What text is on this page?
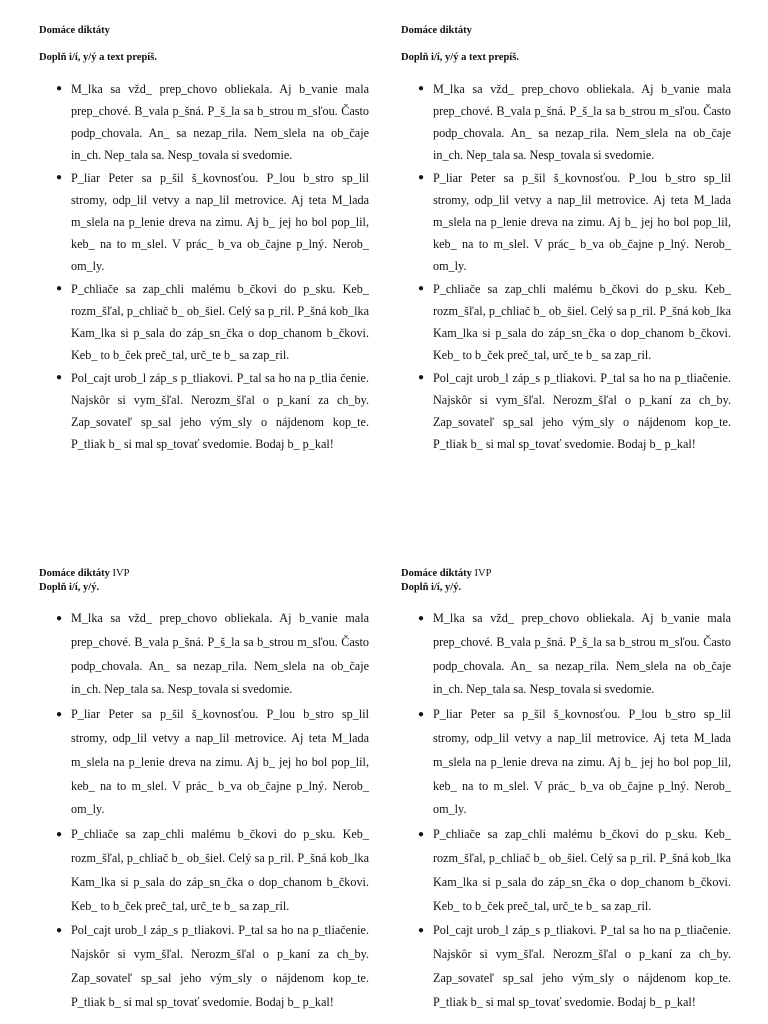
Domáce diktáty
Doplň i/í, y/ý a text prepíš.
● M_lka sa vžd_ prep_chovo obliekala. Aj b_vanie mala prep_chové. B_vala p_šná. P_š_la sa b_strou m_sľou. Často podp_chovala. An_ sa nezap_rila. Nem_slela na ob_čaje in_ch. Nep_tala sa. Nesp_tovala si svedomie.
● P_liar Peter sa p_šil š_kovnosťou. P_lou b_stro sp_lil stromy, odp_lil vetvy a nap_lil metrovice. Aj teta M_lada m_slela na p_lenie dreva na zimu. Aj b_ jej ho bol pop_lil, keb_ na to m_slel. V prác_ b_va ob_čajne p_lný. Nerob_ om_ly.
● P_chliače sa zap_chli malému b_čkovi do p_sku. Keb_ rozm_šľal, p_chliač b_ ob_šiel. Celý sa p_ril. P_šná kob_lka Kam_lka si p_sala do záp_sn_čka o dop_chanom b_čkovi. Keb_ to b_ček preč_tal, urč_te b_ sa zap_ril.
● Pol_cajt urob_l záp_s p_tliakovi. P_tal sa ho na p_tlia čenie. Najskôr si vym_šľal. Nerozm_šľal o p_kaní za ch_by. Zap_sovateľ sp_sal jeho vým_sly o nájdenom kop_te. P_tliak b_ si mal sp_tovať svedomie. Bodaj b_ p_kal!
Domáce diktáty
Doplň i/í, y/ý a text prepíš.
● M_lka sa vžd_ prep_chovo obliekala. Aj b_vanie mala prep_chové. B_vala p_šná. P_š_la sa b_strou m_sľou. Často podp_chovala. An_ sa nezap_rila. Nem_slela na ob_čaje in_ch. Nep_tala sa. Nesp_tovala si svedomie.
● P_liar Peter sa p_šil š_kovnosťou. P_lou b_stro sp_lil stromy, odp_lil vetvy a nap_lil metrovice. Aj teta M_lada m_slela na p_lenie dreva na zimu. Aj b_ jej ho bol pop_lil, keb_ na to m_slel. V prác_ b_va ob_čajne p_lný. Nerob_ om_ly.
● P_chliače sa zap_chli malému b_čkovi do p_sku. Keb_ rozm_šľal, p_chliač b_ ob_šiel. Celý sa p_ril. P_šná kob_lka Kam_lka si p_sala do záp_sn_čka o dop_chanom b_čkovi. Keb_ to b_ček preč_tal, urč_te b_ sa zap_ril.
● Pol_cajt urob_l záp_s p_tliakovi. P_tal sa ho na p_tliačenie. Najskôr si vym_šľal. Nerozm_šľal o p_kaní za ch_by. Zap_sovateľ sp_sal jeho vým_sly o nájdenom kop_te. P_tliak b_ si mal sp_tovať svedomie. Bodaj b_ p_kal!
Domáce diktáty IVP
Doplň i/í, y/ý.
● M_lka sa vžd_ prep_chovo obliekala. Aj b_vanie mala prep_chové. B_vala p_šná. P_š_la sa b_strou m_sľou. Často podp_chovala. An_ sa nezap_rila. Nem_slela na ob_čaje in_ch. Nep_tala sa. Nesp_tovala si svedomie.
● P_liar Peter sa p_šil š_kovnosťou. P_lou b_stro sp_lil stromy, odp_lil vetvy a nap_lil metrovice. Aj teta M_lada m_slela na p_lenie dreva na zimu. Aj b_ jej ho bol pop_lil, keb_ na to m_slel. V prác_ b_va ob_čajne p_lný. Nerob_ om_ly.
● P_chliače sa zap_chli malému b_čkovi do p_sku. Keb_ rozm_šľal, p_chliač b_ ob_šiel. Celý sa p_ril. P_šná kob_lka Kam_lka si p_sala do záp_sn_čka o dop_chanom b_čkovi. Keb_ to b_ček preč_tal, urč_te b_ sa zap_ril.
● Pol_cajt urob_l záp_s p_tliakovi. P_tal sa ho na p_tliačenie. Najskôr si vym_šľal. Nerozm_šľal o p_kaní za ch_by. Zap_sovateľ sp_sal jeho vým_sly o nájdenom kop_te. P_tliak b_ si mal sp_tovať svedomie. Bodaj b_ p_kal!
Domáce diktáty IVP
Doplň i/í, y/ý.
● M_lka sa vžd_ prep_chovo obliekala. Aj b_vanie mala prep_chové. B_vala p_šná. P_š_la sa b_strou m_sľou. Často podp_chovala. An_ sa nezap_rila. Nem_slela na ob_čaje in_ch. Nep_tala sa. Nesp_tovala si svedomie.
● P_liar Peter sa p_šil š_kovnosťou. P_lou b_stro sp_lil stromy, odp_lil vetvy a nap_lil metrovice. Aj teta M_lada m_slela na p_lenie dreva na zimu. Aj b_ jej ho bol pop_lil, keb_ na to m_slel. V prác_ b_va ob_čajne p_lný. Nerob_ om_ly.
● P_chliače sa zap_chli malému b_čkovi do p_sku. Keb_ rozm_šľal, p_chliač b_ ob_šiel. Celý sa p_ril. P_šná kob_lka Kam_lka si p_sala do záp_sn_čka o dop_chanom b_čkovi. Keb_ to b_ček preč_tal, urč_te b_ sa zap_ril.
● Pol_cajt urob_l záp_s p_tliakovi. P_tal sa ho na p_tliačenie. Najskôr si vym_šľal. Nerozm_šľal o p_kaní za ch_by. Zap_sovateľ sp_sal jeho vým_sly o nájdenom kop_te. P_tliak b_ si mal sp_tovať svedomie. Bodaj b_ p_kal!
